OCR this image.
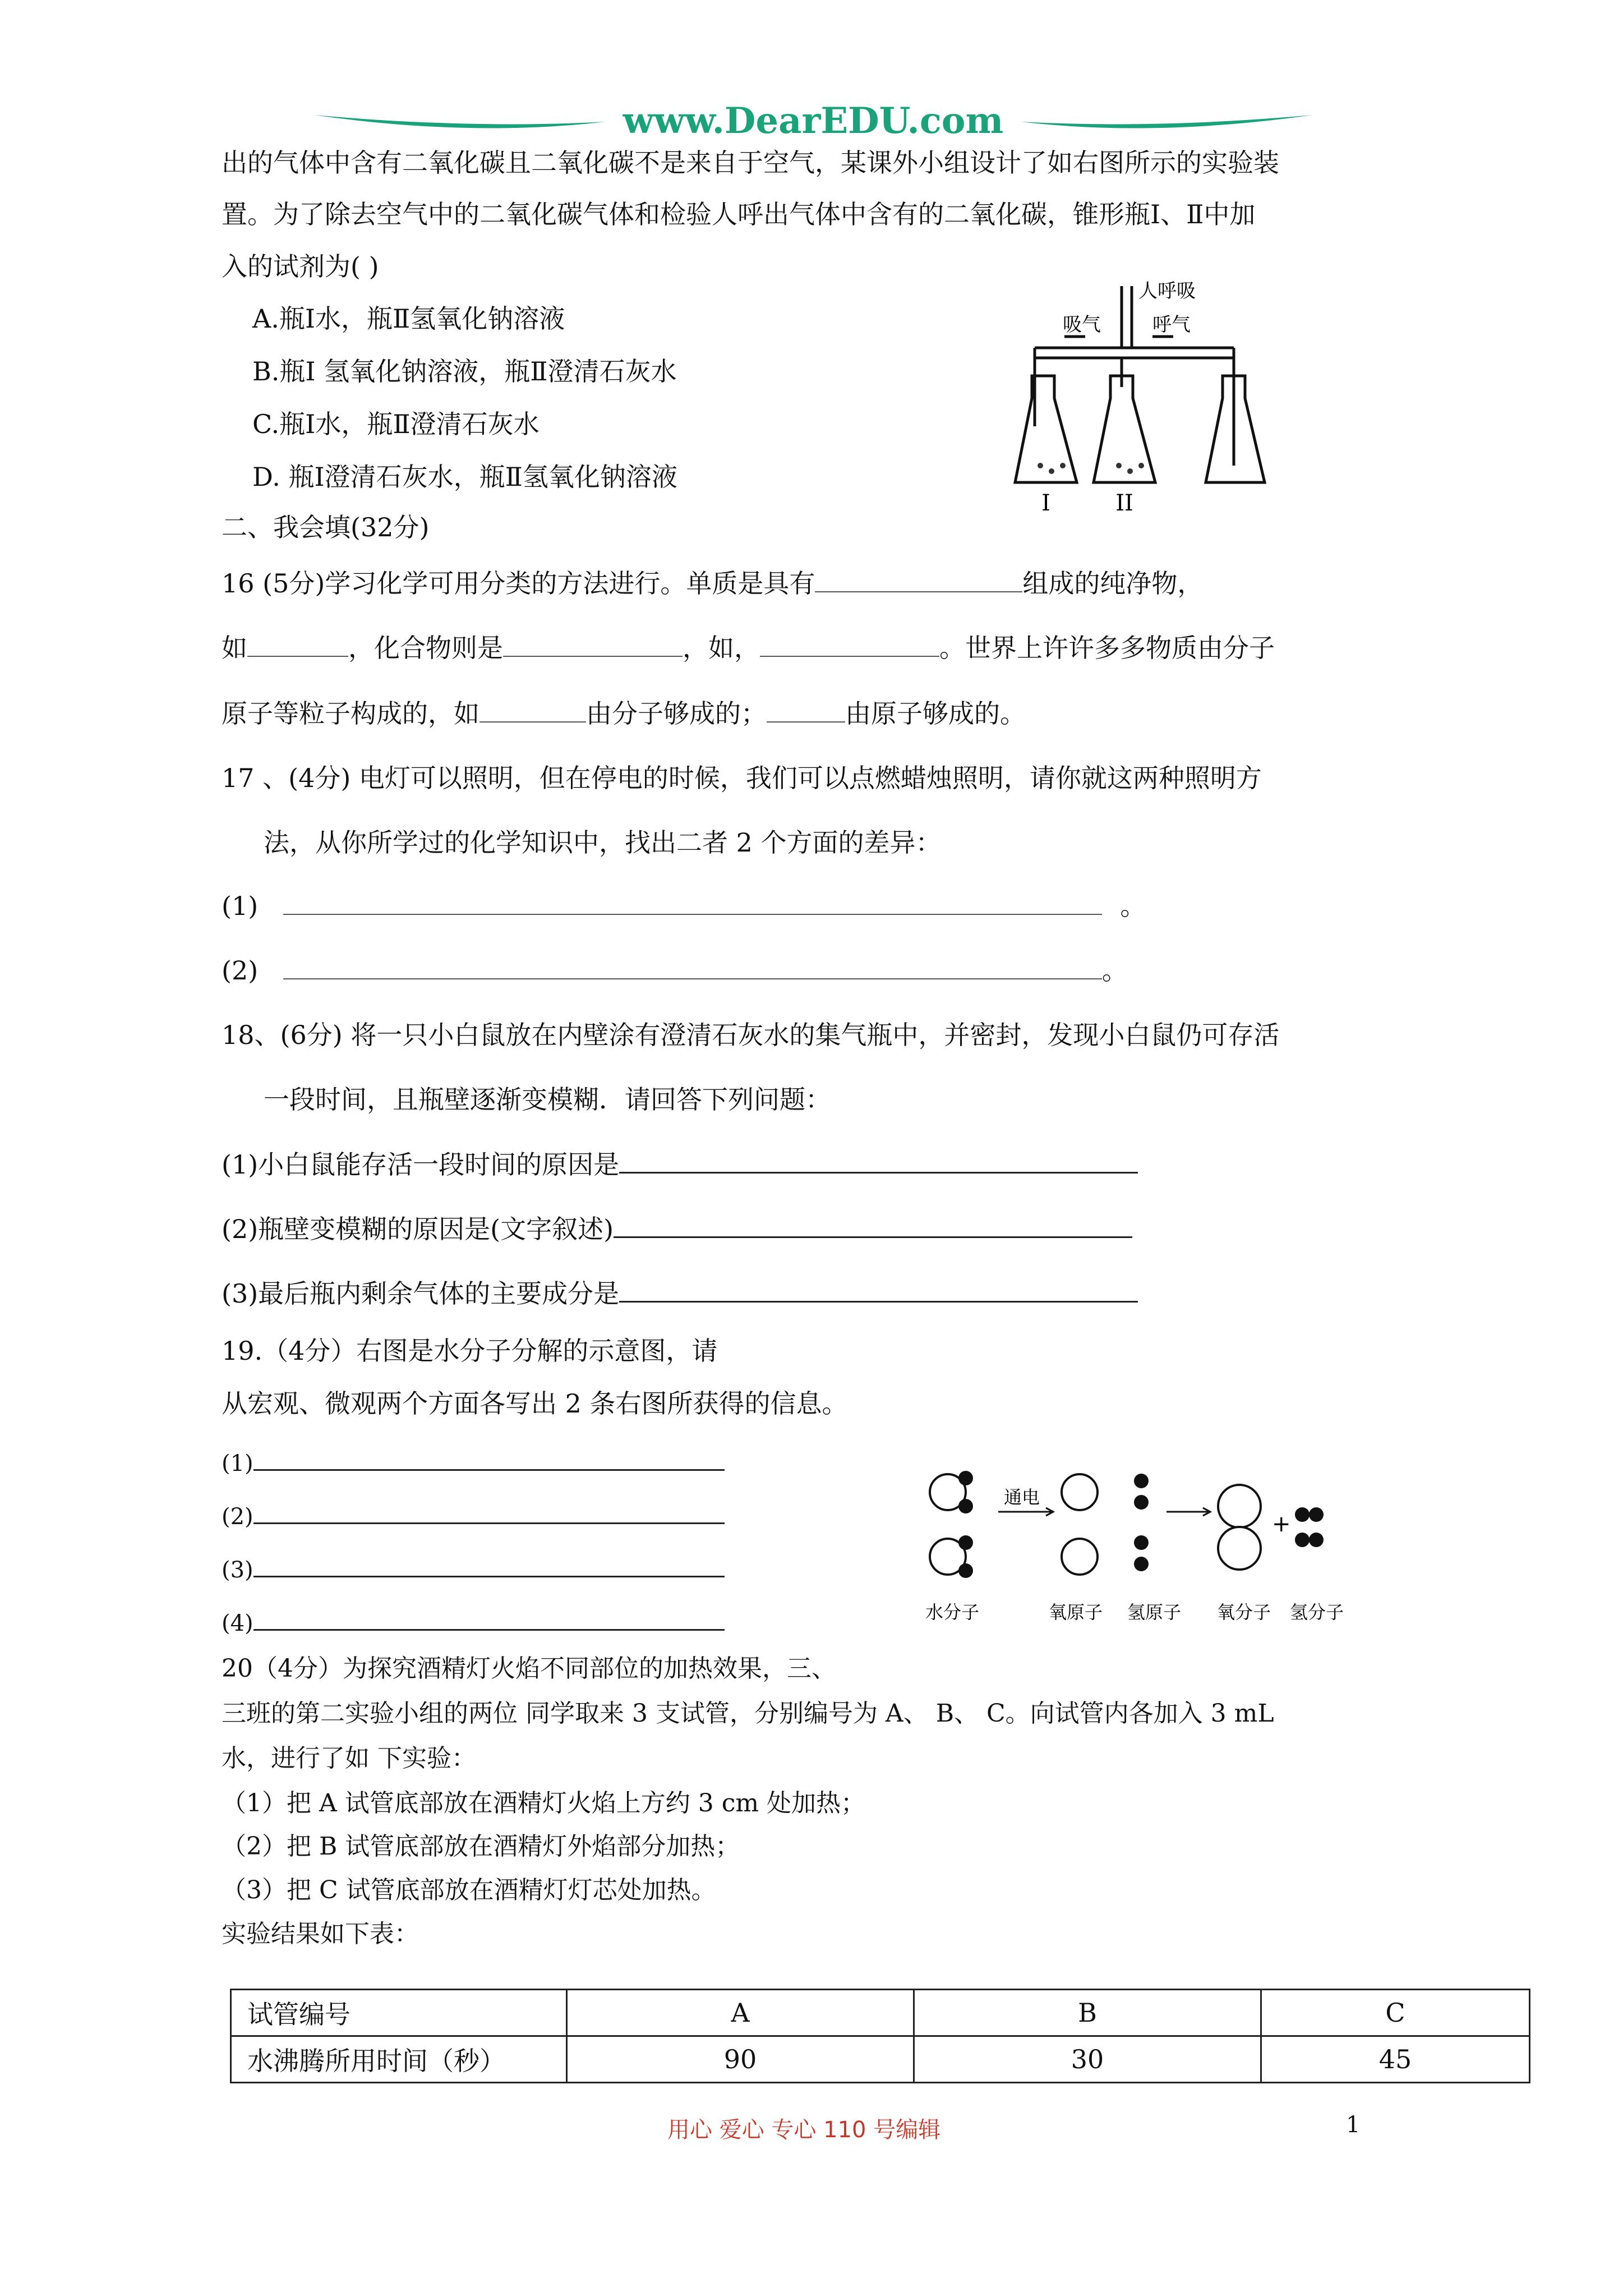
www.DearEDU.com
出的气体中含有二氧化碳且二氧化碳不是来自于空气，某课外小组设计了如右图所示的实验装
置。为了除去空气中的二氧化碳气体和检验人呼出气体中含有的二氧化碳，锥形瓶Ⅰ、Ⅱ中加
入的试剂为( )
A.瓶Ⅰ水，瓶Ⅱ氢氧化钠溶液
B.瓶Ⅰ 氢氧化钠溶液，瓶Ⅱ澄清石灰水
C.瓶Ⅰ水，瓶Ⅱ澄清石灰水
D. 瓶Ⅰ澄清石灰水，瓶Ⅱ氢氧化钠溶液
人呼吸
吸气	呼气
I	II
二、我会填(32分)
16 (5分)学习化学可用分类的方法进行。单质是具有	组成的纯净物，
如	，化合物则是	，如，	。世界上许许多多物质由分子
原子等粒子构成的，如	由分子够成的；	由原子够成的。
17 、(4分) 电灯可以照明，但在停电的时候，我们可以点燃蜡烛照明，请你就这两种照明方
法，从你所学过的化学知识中，找出二者 2 个方面的差异：
(1)	。
(2)	。
18、(6分) 将一只小白鼠放在内壁涂有澄清石灰水的集气瓶中，并密封，发现小白鼠仍可存活
一段时间，且瓶壁逐渐变模糊．请回答下列问题：
(1)小白鼠能存活一段时间的原因是
(2)瓶壁变模糊的原因是(文字叙述)
(3)最后瓶内剩余气体的主要成分是
19.（4分）右图是水分子分解的示意图，请
从宏观、微观两个方面各写出 2 条右图所获得的信息。
(1)
(2)
(3)
(4)
通电
+
水分子	氧原子 氢原子 氧分子 氢分子
20（4分）为探究酒精灯火焰不同部位的加热效果，三、
三班的第二实验小组的两位 同学取来 3 支试管，分别编号为 A、 B、 C。向试管内各加入 3 mL
水，进行了如 下实验：
（1）把 A 试管底部放在酒精灯火焰上方约 3 cm 处加热；
（2）把 B 试管底部放在酒精灯外焰部分加热；
（3）把 C 试管底部放在酒精灯灯芯处加热。
实验结果如下表：
试管编号	A	B	C
水沸腾所用时间（秒）	90	30	45
用心 爱心 专心 110 号编辑	1
